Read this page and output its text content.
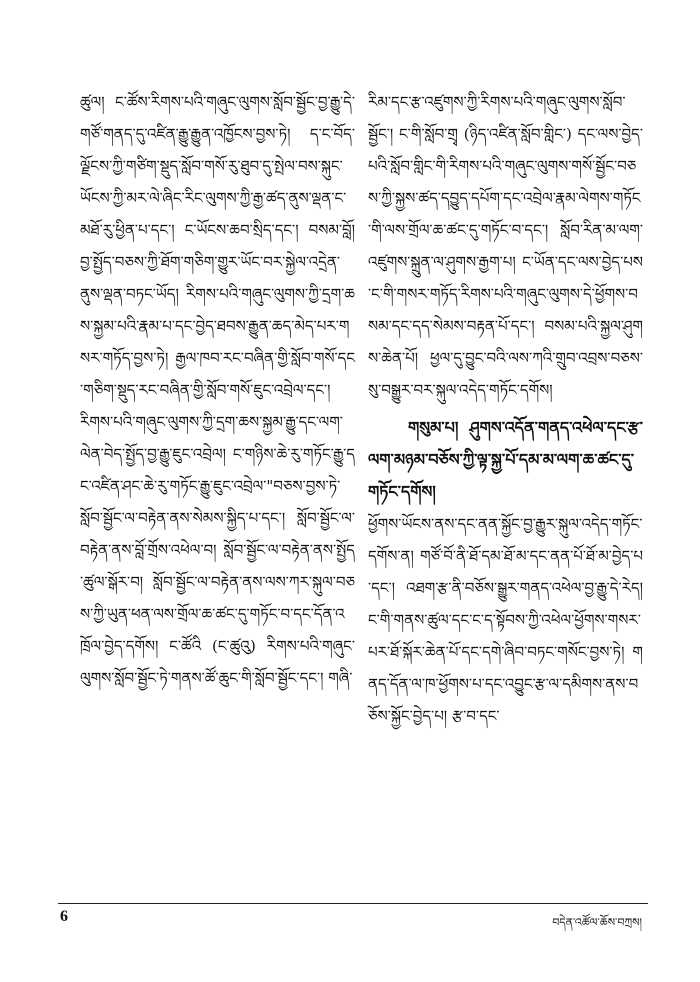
ཚུལ། ང་ཚོས་རིགས་པའི་གཞུང་ལུགས་སློབ་སྦྱོང་བྱ་རྒྱུ་དེ་གཙོ་གནད་དུ་འཛིན་རྒྱུ་རྒྱུན་འཁྱོངས་བྱས་ཏེ། ད་ང་བོད་ལྗོངས་ཀྱི་གཙིག་སྡུད་སློབ་གསོ་རུ་ཐུབ་དུ་སྤེལ་བས་སྐུང་ཡོངས་ཀྱི་མར་ལེ་ཞིང་རིང་ལུགས་ཀྱི་རྒྱ་ཚད་ནུས་ལྡན་ང་མཐོ་རུ་ཕྱིན་པ་དང་། ང་ཡོངས་ཆབ་སྲིད་དང་། བསམ་བློ། བྱ་སྤྱོད་བཅས་ཀྱི་ཐོག་གཅིག་གྱུར་ཡོང་བར་སྐྱེལ་འདྲེན་ནུས་ལྡན་བཏང་ཡོད། རིགས་པའི་གཞུང་ལུགས་ཀྱི་དྲག་ཆས་སྐྱམ་པའི་རྣམ་པ་དང་བྱེད་ཐབས་རྒྱུན་ཆད་མེད་པར་གསར་གཏོད་བྱས་ཏེ། རྒྱལ་ཁབ་རང་བཞིན་གྱི་སློབ་གསོ་དང་གཅིག་སྡུད་རང་བཞིན་གྱི་སློབ་གསོ་ཇུང་འབྲེལ་དང་། རིགས་པའི་གཞུང་ལུགས་ཀྱི་དྲག་ཆས་སྐྱམ་རྒྱུ་དང་ལག་ལེན་བེད་སྤྱོད་བྱ་རྒྱུ་ཇུང་འབྲེལ། ང་གཉིས་ཆེ་རུ་གཏོང་རྒྱུ་དང་འཛིན་ཤང་ཆེ་རུ་གཏོང་རྒྱུ་ཇུང་འབྲེལ་"བཅས་བྱས་ཏེ་སློབ་སྦྱོང་ལ་བརྟེན་ནས་སེམས་སྐྱིད་པ་དང་། སློབ་སྦྱོང་ལ་བརྟེན་ནས་བློ་གྲོས་འཕེལ་བ། སློབ་སྦྱོང་ལ་བརྟེན་ནས་སྤྱོད་ཚུལ་སྒོར་བ། སློབ་སྦྱོང་ལ་བརྟེན་ནས་ལས་ཀར་སྐུལ་བཅས་ཀྱི་ཡུན་ཕན་ལས་གྲོལ་ཆ་ཚང་དུ་གཏོང་བ་དང་དོན་འཁྲོལ་བྱེད་དགོས། ང་ཚོའི (ང་ཚུའུ) རིགས་པའི་གཞུང་ལུགས་སློབ་སྦྱོང་ཏེ་གནས་ཚོ་ཆུང་གི་སློབ་སྦྱོང་དང་། གཞི་

རིམ་དང་རྩ་འཛུགས་ཀྱི་རིགས་པའི་གཞུང་ལུགས་སློབ་སྦྱོང་། ང་གི་སློབ་གྲྭ (ཉིད་འཛིན་སློབ་གླིང་) དང་ལས་བྱེད་པའི་སློབ་གླིང་གི་རིགས་པའི་གཞུང་ལུགས་གསོ་སྦྱོང་བཅས་ཀྱི་སྐྱས་ཚད་དབྱུད་དཔོག་དང་འབྲེལ་རྣམ་ལེགས་གཏོང་གི་ལས་གྲོལ་ཆ་ཚང་དུ་གཏོང་བ་དང་། སློབ་རིན་མ་ལག་འཛུགས་སྐྲུན་ལ་ཤུགས་རྒྱག་པ། ང་ཡོན་དང་ལས་བྱེད་པས་ང་གི་གསར་གཏོད་རིགས་པའི་གཞུང་ལུགས་དེ་ཕྱོགས་བསམ་དང་དད་སེམས་བརྟན་པོ་དང་། བསམ་པའི་སྐྱལ་ཤུགས་ཆེན་པོ། ཕྱལ་དུ་བྱུང་བའི་ལས་ཀའི་གྲུབ་འབྲས་བཅས་སུ་བསྒྱུར་བར་སྐུལ་འདེད་གཏོང་དགོས།

གསུམ་པ། ཤུགས་འདོན་གནད་འཕེལ་དང་རྩ་ལག་མཉམ་བཅོས་ཀྱི་ལྟ་སྐྱ་པོ་དམ་མ་ལག་ཆ་ཚང་དུ་གཏོང་དགོས།

ཕྱོགས་ཡོངས་ནས་དང་ནན་སྐྱོང་བྱ་རྒྱུར་སྐུལ་འདེད་གཏོང་དགོས་ན། གཙོ་བོ་ནི་ཐོ་དམ་ཐོ་མ་དང་ནན་པོ་ཐོ་མ་བྱེད་པ་དང་། འཐག་རྩ་ནི་བཅོས་སྒྱུར་གནད་འཕེལ་བྱ་རྒྱུ་དེ་རེད། ང་གི་གནས་ཚུལ་དང་ང་ད་སྟོབས་ཀྱི་འཕེལ་ཕྱོགས་གསར་པར་ཐོ་སྐོར་ཆེན་པོ་དང་དགེ་ཞིབ་བཏང་གསོང་བྱས་ཏེ། གནད་དོན་ལ་ཁ་ཕྱོགས་པ་དང་འབྱུང་རྩ་ལ་དམིགས་ནས་བཅོས་སྐྱོང་བྱེད་པ། རྩ་བ་དང་

6	བདེན་འཚོལ་ཆོས་བཀྲས།
